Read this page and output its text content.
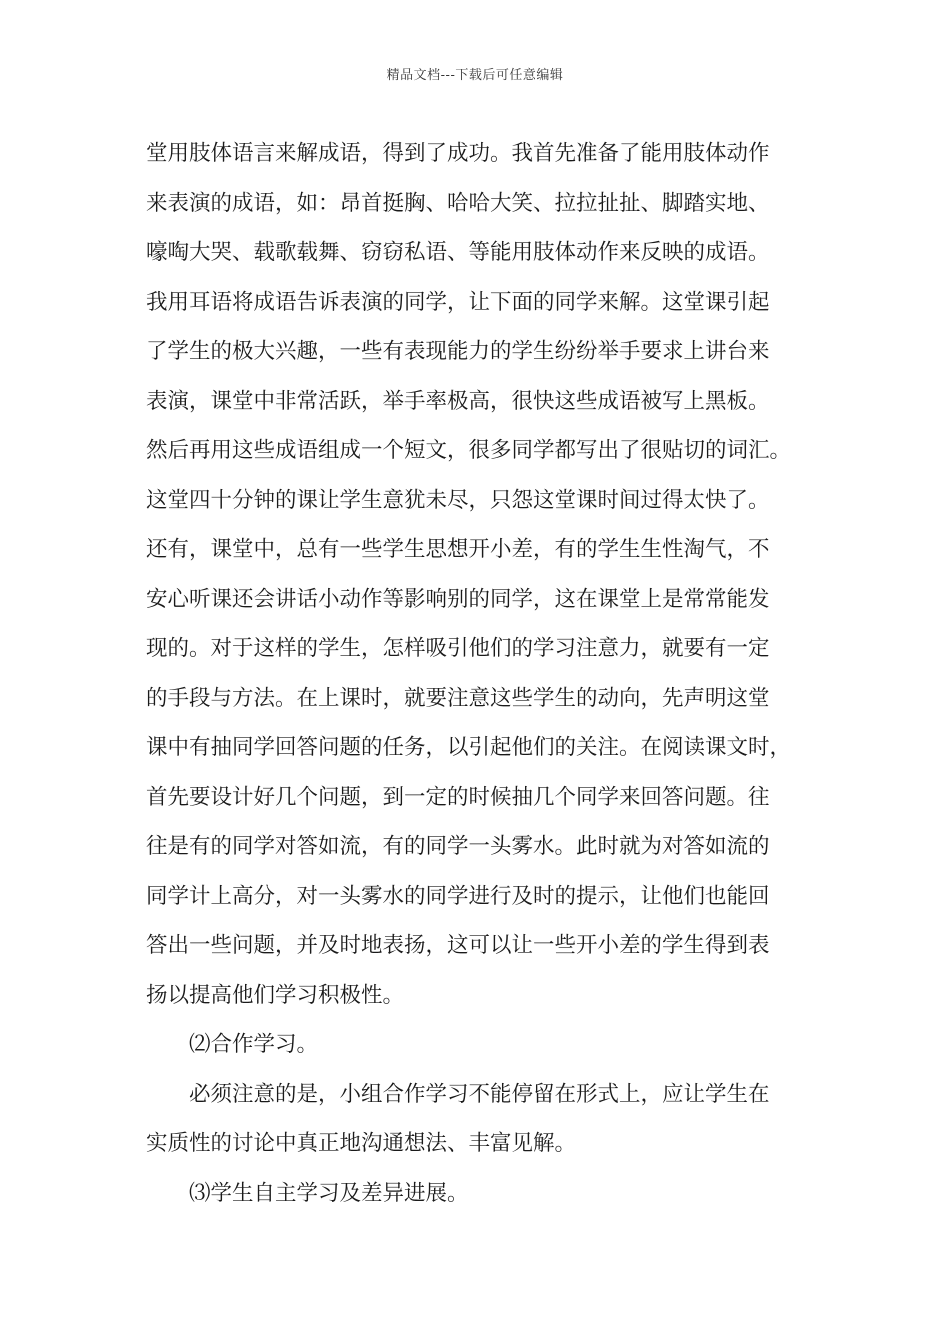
精品文档---下载后可任意编辑
堂用肢体语言来解成语，得到了成功。我首先准备了能用肢体动作
来表演的成语，如：昂首挺胸、哈哈大笑、拉拉扯扯、脚踏实地、
嚎啕大哭、载歌载舞、窃窃私语、等能用肢体动作来反映的成语。
我用耳语将成语告诉表演的同学，让下面的同学来解。这堂课引起
了学生的极大兴趣，一些有表现能力的学生纷纷举手要求上讲台来
表演，课堂中非常活跃，举手率极高，很快这些成语被写上黑板。
然后再用这些成语组成一个短文，很多同学都写出了很贴切的词汇。
这堂四十分钟的课让学生意犹未尽，只怨这堂课时间过得太快了。
还有，课堂中，总有一些学生思想开小差，有的学生生性淘气，不
安心听课还会讲话小动作等影响别的同学，这在课堂上是常常能发
现的。对于这样的学生，怎样吸引他们的学习注意力，就要有一定
的手段与方法。在上课时，就要注意这些学生的动向，先声明这堂
课中有抽同学回答问题的任务，以引起他们的关注。在阅读课文时，
首先要设计好几个问题，到一定的时候抽几个同学来回答问题。往
往是有的同学对答如流，有的同学一头雾水。此时就为对答如流的
同学计上高分，对一头雾水的同学进行及时的提示，让他们也能回
答出一些问题，并及时地表扬，这可以让一些开小差的学生得到表
扬以提高他们学习积极性。
⑵合作学习。
必须注意的是，小组合作学习不能停留在形式上，应让学生在
实质性的讨论中真正地沟通想法、丰富见解。
⑶学生自主学习及差异进展。
